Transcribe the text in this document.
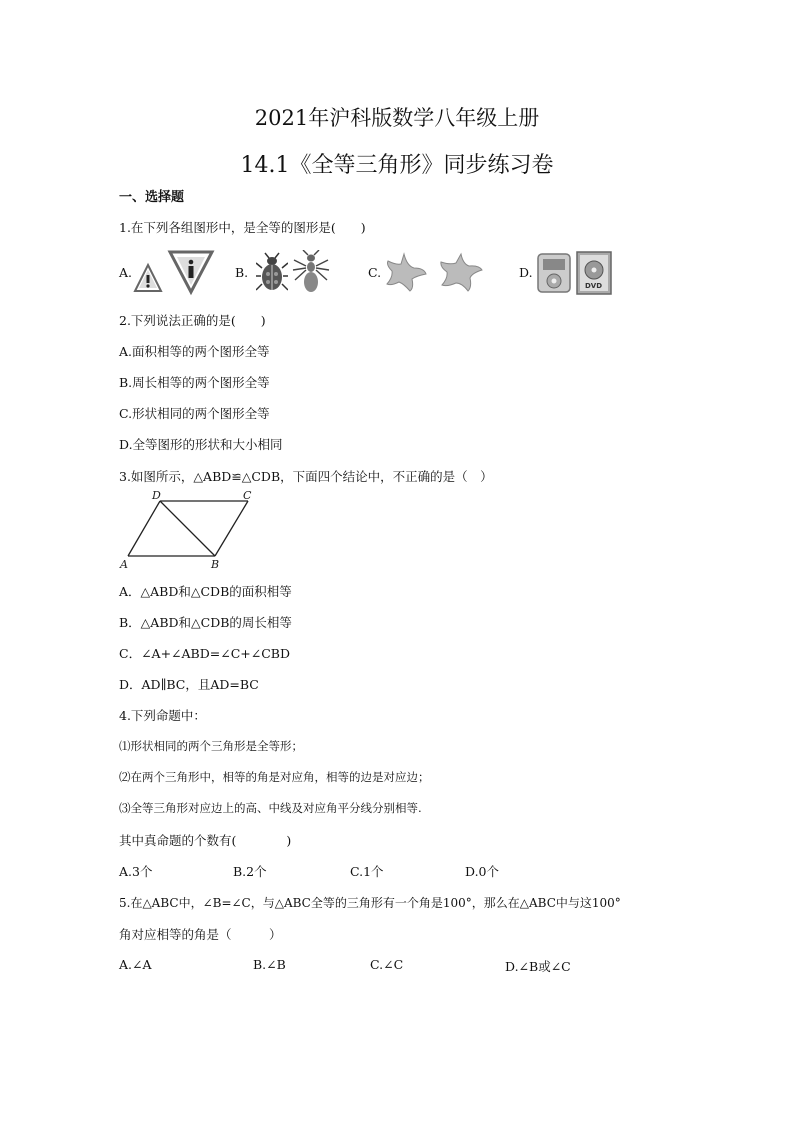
2021年沪科版数学八年级上册
14.1《全等三角形》同步练习卷
一、选择题
1.在下列各组图形中，是全等的图形是(　　)
A.	B.	C.	D.
DVD
2.下列说法正确的是(　　)
A.面积相等的两个图形全等
B.周长相等的两个图形全等
C.形状相同的两个图形全等
D.全等图形的形状和大小相同
3.如图所示，△ABD≌△CDB，下面四个结论中，不正确的是（　）
D	C
A	B
A．△ABD和△CDB的面积相等
B．△ABD和△CDB的周长相等
C．∠A+∠ABD=∠C+∠CBD
D．AD∥BC，且AD=BC
4.下列命题中：
⑴形状相同的两个三角形是全等形；
⑵在两个三角形中，相等的角是对应角，相等的边是对应边；
⑶全等三角形对应边上的高、中线及对应角平分线分别相等.
其中真命题的个数有(　　　　)
A.3个	B.2个	C.1个	D.0个
5.在△ABC中，∠B=∠C，与△ABC全等的三角形有一个角是100°，那么在△ABC中与这100°
角对应相等的角是（　　　）
A.∠A	B.∠B	C.∠C	D.∠B或∠C
